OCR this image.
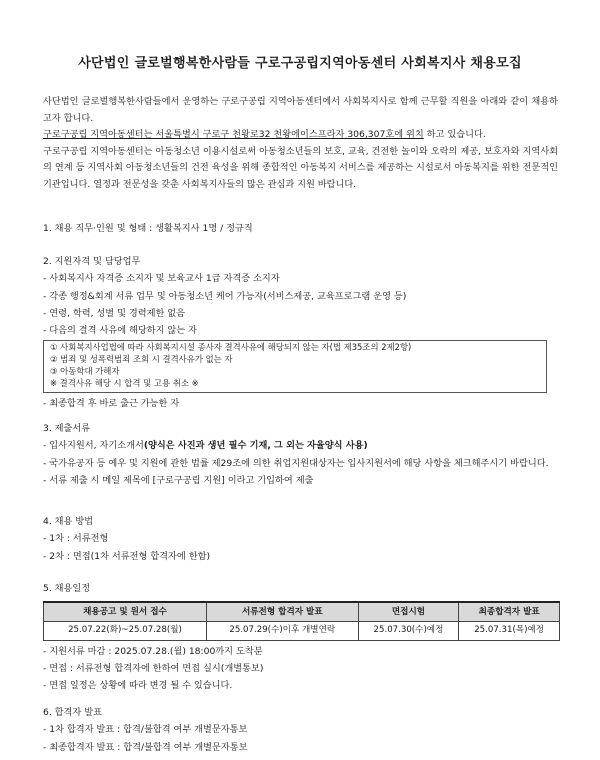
사단법인 글로벌행복한사람들 구로구공립지역아동센터 사회복지사 채용모집

사단법인 글로벌행복한사람들에서 운영하는 구로구공립 지역아동센터에서 사회복지사로 함께 근무할 직원을 아래와 같이 채용하고자 합니다.

구로구공립 지역아동센터는 서울특별시 구로구 천왕로32 천왕에이스프라자 306,307호에 위치 하고 있습니다.

구로구공립 지역아동센터는 아동청소년 이용시설로써 아동청소년들의 보호, 교육, 건전한 놀이와 오락의 제공, 보호자와 지역사회의 연계 등 지역사회 아동청소년들의 건전 육성을 위해 종합적인 아동복지 서비스를 제공하는 시설로서 아동복지를 위한 전문적인 기관입니다. 열정과 전문성을 갖춘 사회복지사들의 많은 관심과 지원 바랍니다.

1. 채용 직무·인원 및 형태 : 생활복지사 1명 / 정규직
2. 지원자격 및 담당업무
- 사회복지사 자격증 소지자 및 보육교사 1급 자격증 소지자
- 각종 행정&회계 서류 업무 및 아동청소년 케어 가능자(서비스제공, 교육프로그램 운영 등)
- 연령, 학력, 성별 및 경력제한 없음
- 다음의 결격 사유에 해당하지 않는 자
① 사회복지사업법에 따라 사회복지시설 종사자 결격사유에 해당되지 않는 자(법 제35조의 2제2항)
② 범죄 및 성폭력범죄 조회 시 결격사유가 없는 자
③ 아동학대 가해자
※ 결격사유 해당 시 합격 및 고용 취소 ※
- 최종합격 후 바로 출근 가능한 자
3. 제출서류
- 입사지원서, 자기소개서(양식은 사진과 생년 필수 기재, 그 외는 자율양식 사용)
- 국가유공자 등 예우 및 지원에 관한 법률 제29조에 의한 취업지원대상자는 입사지원서에 해당 사항을 체크해주시기 바랍니다.
- 서류 제출 시 메일 제목에 [구로구공립 지원] 이라고 기입하여 제출
4. 채용 방법
- 1차 : 서류전형
- 2차 : 면접(1차 서류전형 합격자에 한함)
5. 채용일정
채용공고 및 원서 접수	서류전형 합격자 발표	면접시험	최종합격자 발표
25.07.22(화)~25.07.28(월)	25.07.29(수)이후 개별연락	25.07.30(수)예정	25.07.31(목)예정
- 지원서류 마감 : 2025.07.28.(월) 18:00까지 도착분
- 면접 : 서류전형 합격자에 한하여 면접 실시(개별통보)
- 면접 일정은 상황에 따라 변경 될 수 있습니다.
6. 합격자 발표
- 1차 합격자 발표 : 합격/불합격 여부 개별문자통보
- 최종합격자 발표 : 합격/불합격 여부 개별문자통보
